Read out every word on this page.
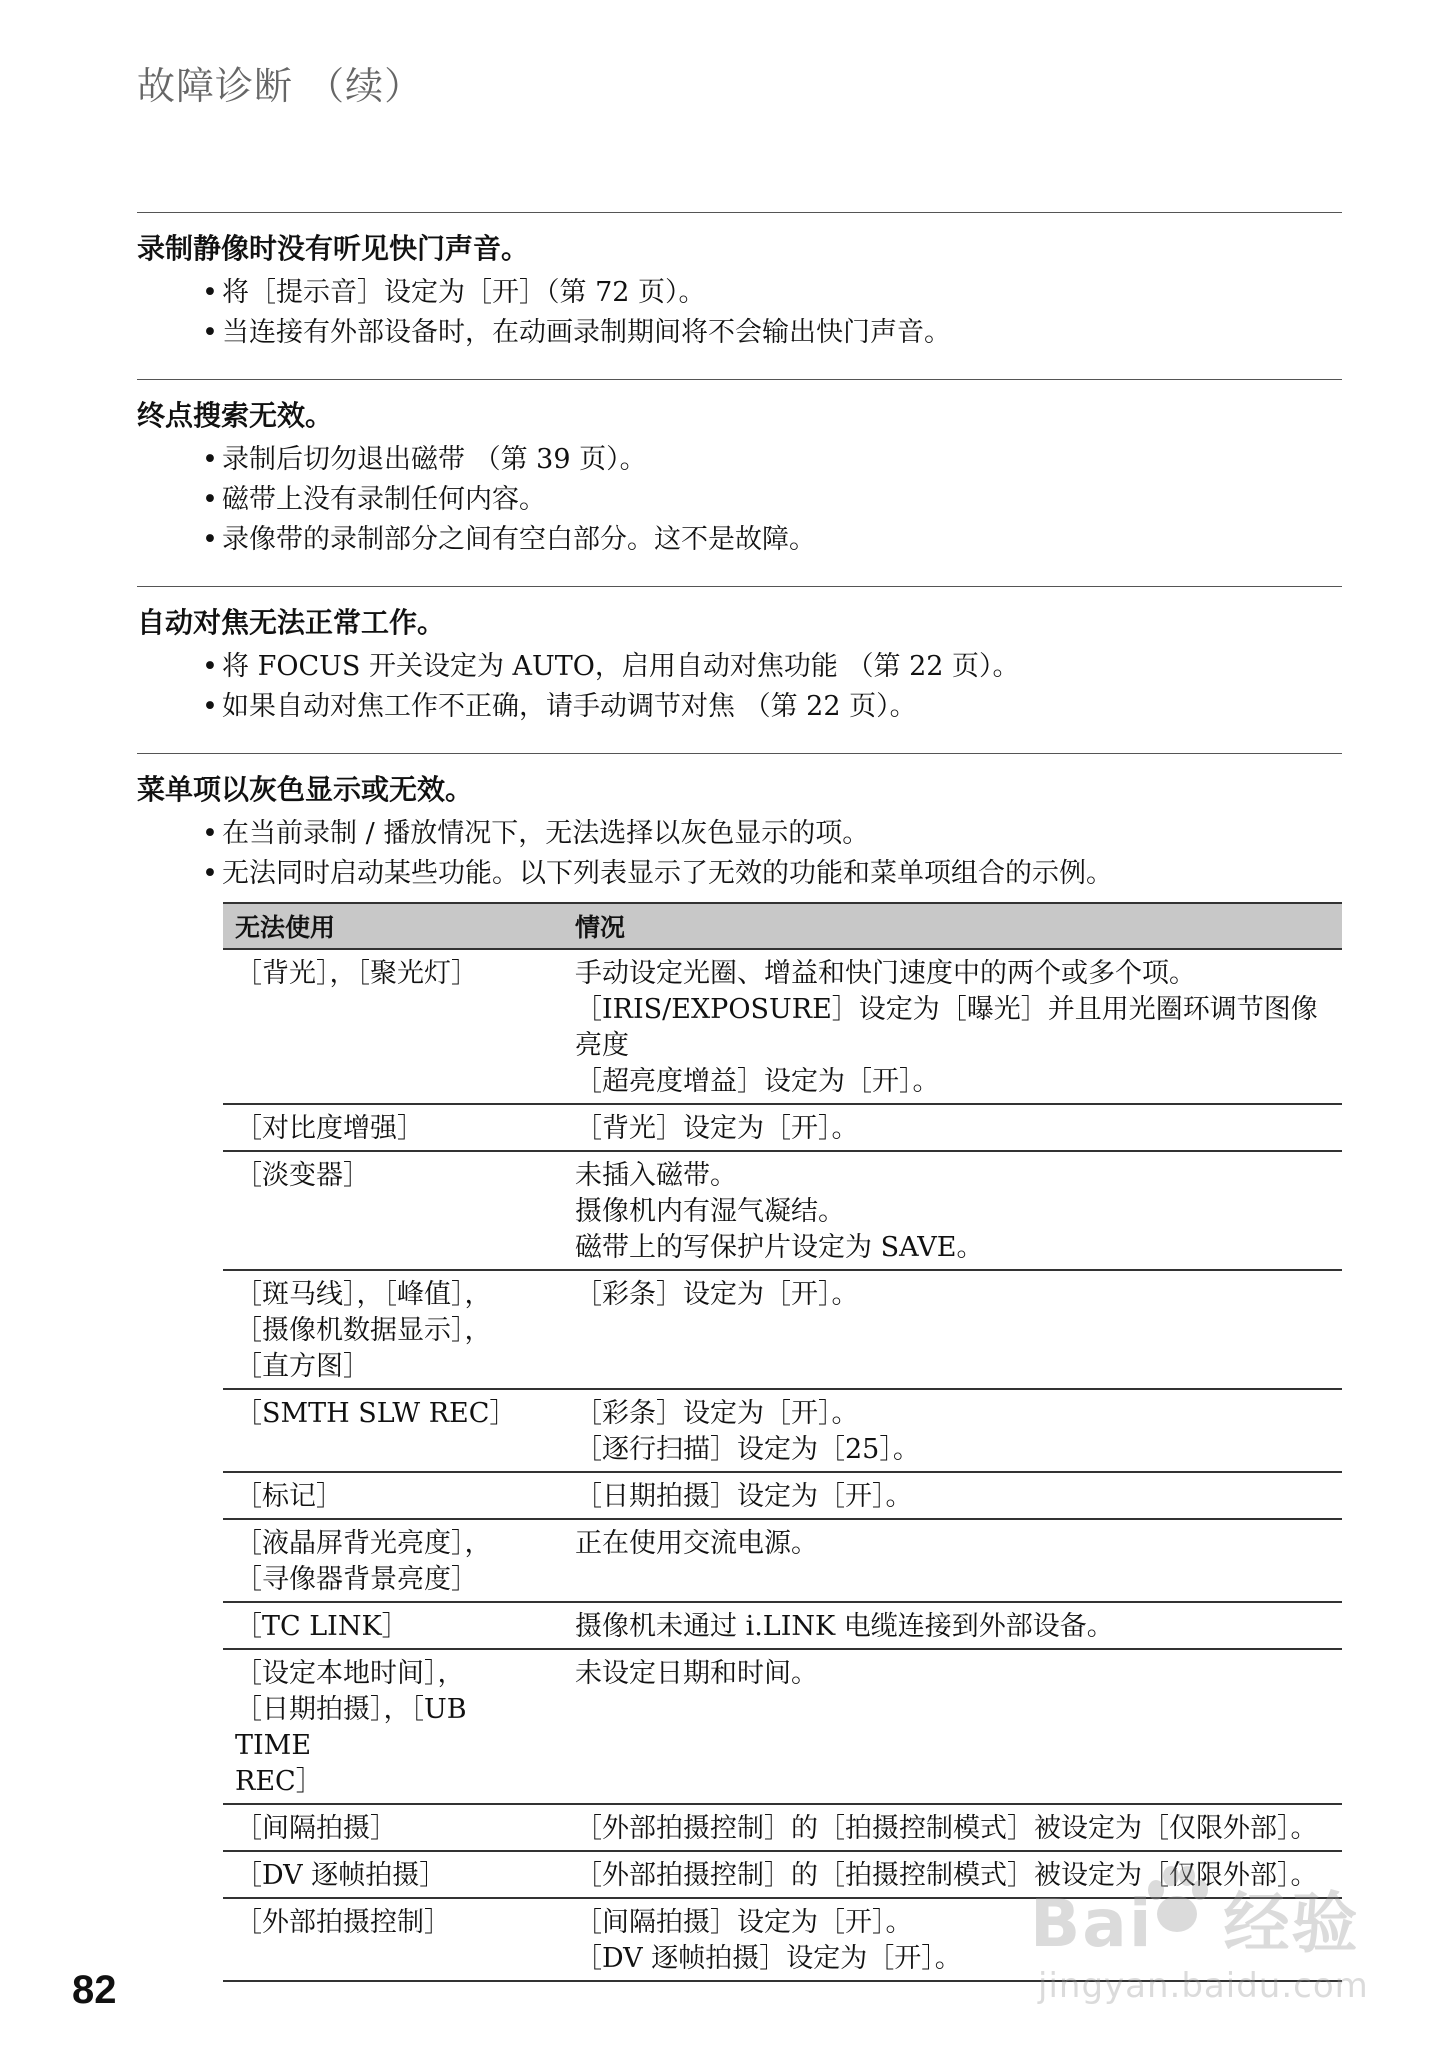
故障诊断 （续）
录制静像时没有听见快门声音。
• 将［提示音］设定为［开］（第 72 页）。
• 当连接有外部设备时，在动画录制期间将不会输出快门声音。
终点搜索无效。
• 录制后切勿退出磁带 （第 39 页）。
• 磁带上没有录制任何内容。
• 录像带的录制部分之间有空白部分。这不是故障。
自动对焦无法正常工作。
• 将 FOCUS 开关设定为 AUTO，启用自动对焦功能 （第 22 页）。
• 如果自动对焦工作不正确，请手动调节对焦 （第 22 页）。
菜单项以灰色显示或无效。
• 在当前录制 / 播放情况下，无法选择以灰色显示的项。
• 无法同时启动某些功能。以下列表显示了无效的功能和菜单项组合的示例。
无法使用	情况

［背光］，［聚光灯］	手动设定光圈、增益和快门速度中的两个或多个项。
［IRIS/EXPOSURE］设定为［曝光］并且用光圈环调节图像
亮度
［超亮度增益］设定为［开］。

［对比度增强］	［背光］设定为［开］。

［淡变器］	未插入磁带。
摄像机内有湿气凝结。
磁带上的写保护片设定为 SAVE。

［斑马线］，［峰值］，
［摄像机数据显示］，
［直方图］	［彩条］设定为［开］。

［SMTH SLW REC］	［彩条］设定为［开］。
［逐行扫描］设定为［25］。

［标记］	［日期拍摄］设定为［开］。

［液晶屏背光亮度］，
［寻像器背景亮度］	正在使用交流电源。

［TC LINK］	摄像机未通过 i.LINK 电缆连接到外部设备。

［设定本地时间］，
［日期拍摄］，［UB TIME
REC］	未设定日期和时间。

［间隔拍摄］	［外部拍摄控制］的［拍摄控制模式］被设定为［仅限外部］。

［DV 逐帧拍摄］	［外部拍摄控制］的［拍摄控制模式］被设定为［仅限外部］。

［外部拍摄控制］	［间隔拍摄］设定为［开］。
［DV 逐帧拍摄］设定为［开］。
82
Bai 经验
jingyan.baidu.com
